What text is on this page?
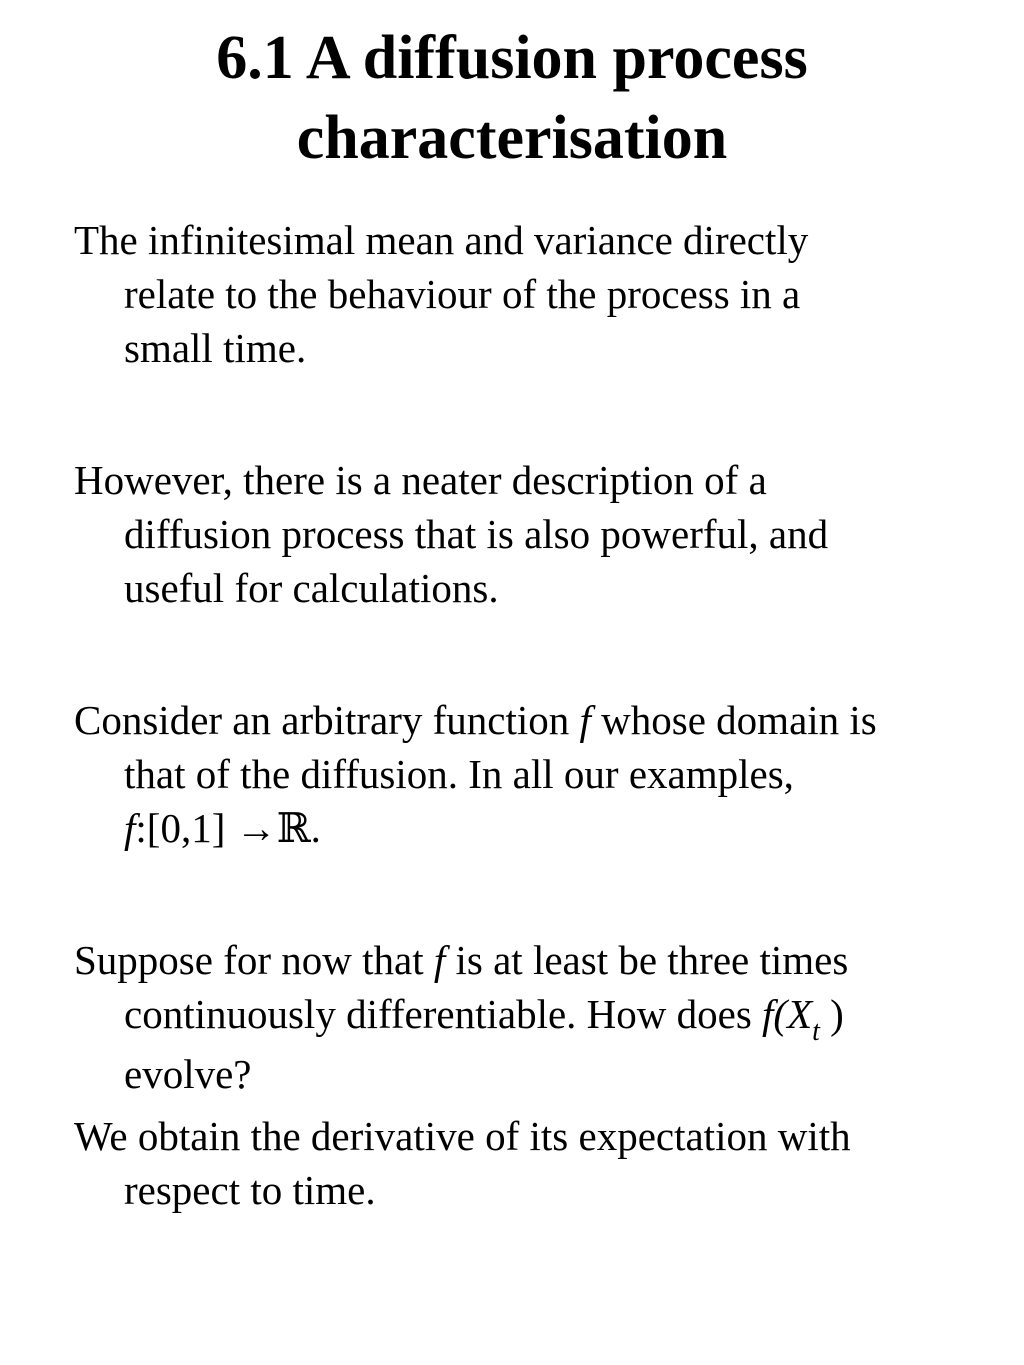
6.1 A diffusion process
characterisation

The infinitesimal mean and variance directly
relate to the behaviour of the process in a
small time.

However, there is a neater description of a
diffusion process that is also powerful, and
useful for calculations.

Consider an arbitrary function f whose domain is
that of the diffusion. In all our examples,
f:[0,1] →ℝ.

Suppose for now that f is at least be three times
continuously differentiable. How does $f(X_t$ )
evolve?

We obtain the derivative of its expectation with
respect to time.
